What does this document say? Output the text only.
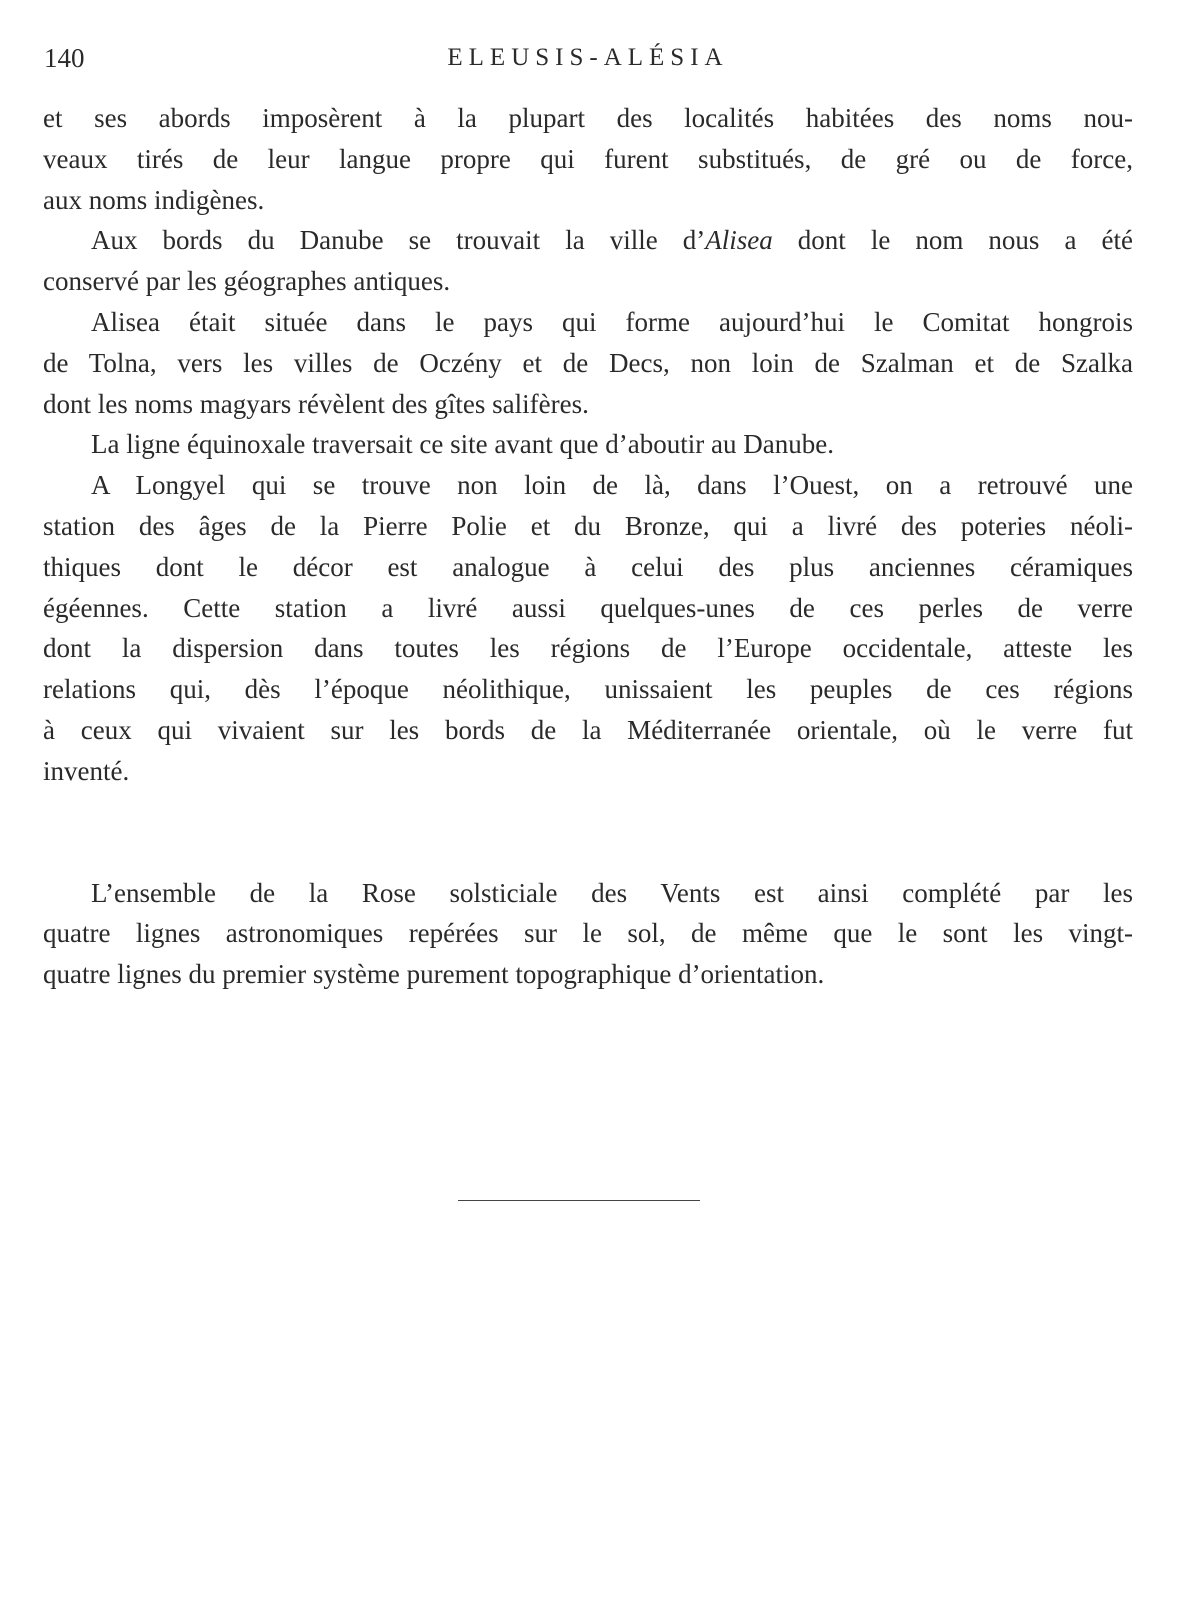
140	ELEUSIS-ALÉSIA
et ses abords imposèrent à la plupart des localités habitées des noms nou-
veaux tirés de leur langue propre qui furent substitués, de gré ou de force,
aux noms indigènes.
Aux bords du Danube se trouvait la ville d’Alisea dont le nom nous a été
conservé par les géographes antiques.
Alisea était située dans le pays qui forme aujourd’hui le Comitat hongrois
de Tolna, vers les villes de Oczény et de Decs, non loin de Szalman et de Szalka
dont les noms magyars révèlent des gîtes salifères.
La ligne équinoxale traversait ce site avant que d’aboutir au Danube.
A Longyel qui se trouve non loin de là, dans l’Ouest, on a retrouvé une
station des âges de la Pierre Polie et du Bronze, qui a livré des poteries néoli-
thiques dont le décor est analogue à celui des plus anciennes céramiques
égéennes. Cette station a livré aussi quelques-unes de ces perles de verre
dont la dispersion dans toutes les régions de l’Europe occidentale, atteste les
relations qui, dès l’époque néolithique, unissaient les peuples de ces régions
à ceux qui vivaient sur les bords de la Méditerranée orientale, où le verre fut
inventé.
L’ensemble de la Rose solsticiale des Vents est ainsi complété par les
quatre lignes astronomiques repérées sur le sol, de même que le sont les vingt-
quatre lignes du premier système purement topographique d’orientation.
